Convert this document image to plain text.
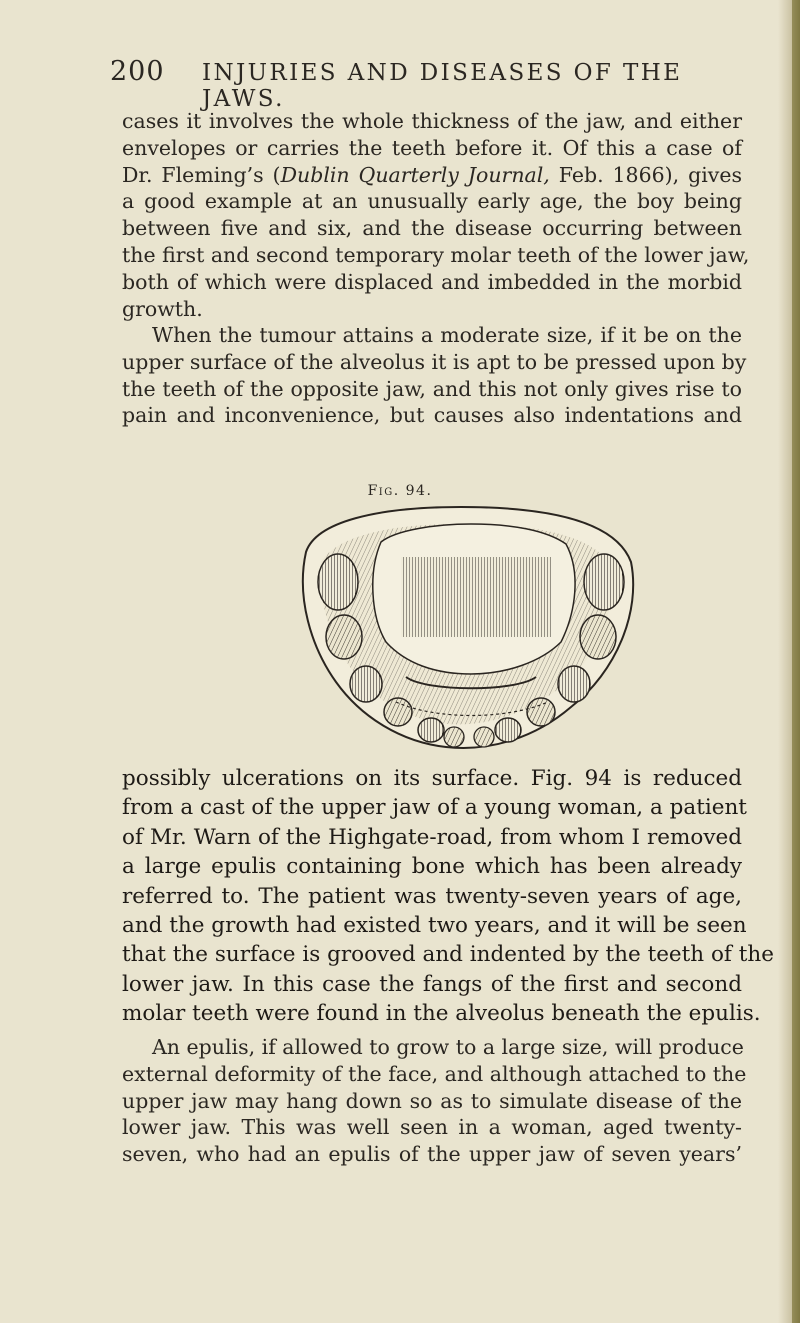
200 INJURIES AND DISEASES OF THE JAWS.
cases it involves the whole thickness of the jaw, and either
envelopes or carries the teeth before it. Of this a case of
Dr. Fleming’s (Dublin Quarterly Journal, Feb. 1866), gives
a good example at an unusually early age, the boy being
between five and six, and the disease occurring between
the first and second temporary molar teeth of the lower jaw,
both of which were displaced and imbedded in the morbid
growth.
When the tumour attains a moderate size, if it be on the
upper surface of the alveolus it is apt to be pressed upon by
the teeth of the opposite jaw, and this not only gives rise to
pain and inconvenience, but causes also indentations and
Fig. 94.
possibly ulcerations on its surface. Fig. 94 is reduced
from a cast of the upper jaw of a young woman, a patient
of Mr. Warn of the Highgate-road, from whom I removed
a large epulis containing bone which has been already
referred to. The patient was twenty-seven years of age,
and the growth had existed two years, and it will be seen
that the surface is grooved and indented by the teeth of the
lower jaw. In this case the fangs of the first and second
molar teeth were found in the alveolus beneath the epulis.
An epulis, if allowed to grow to a large size, will produce
external deformity of the face, and although attached to the
upper jaw may hang down so as to simulate disease of the
lower jaw. This was well seen in a woman, aged twenty-
seven, who had an epulis of the upper jaw of seven years’
